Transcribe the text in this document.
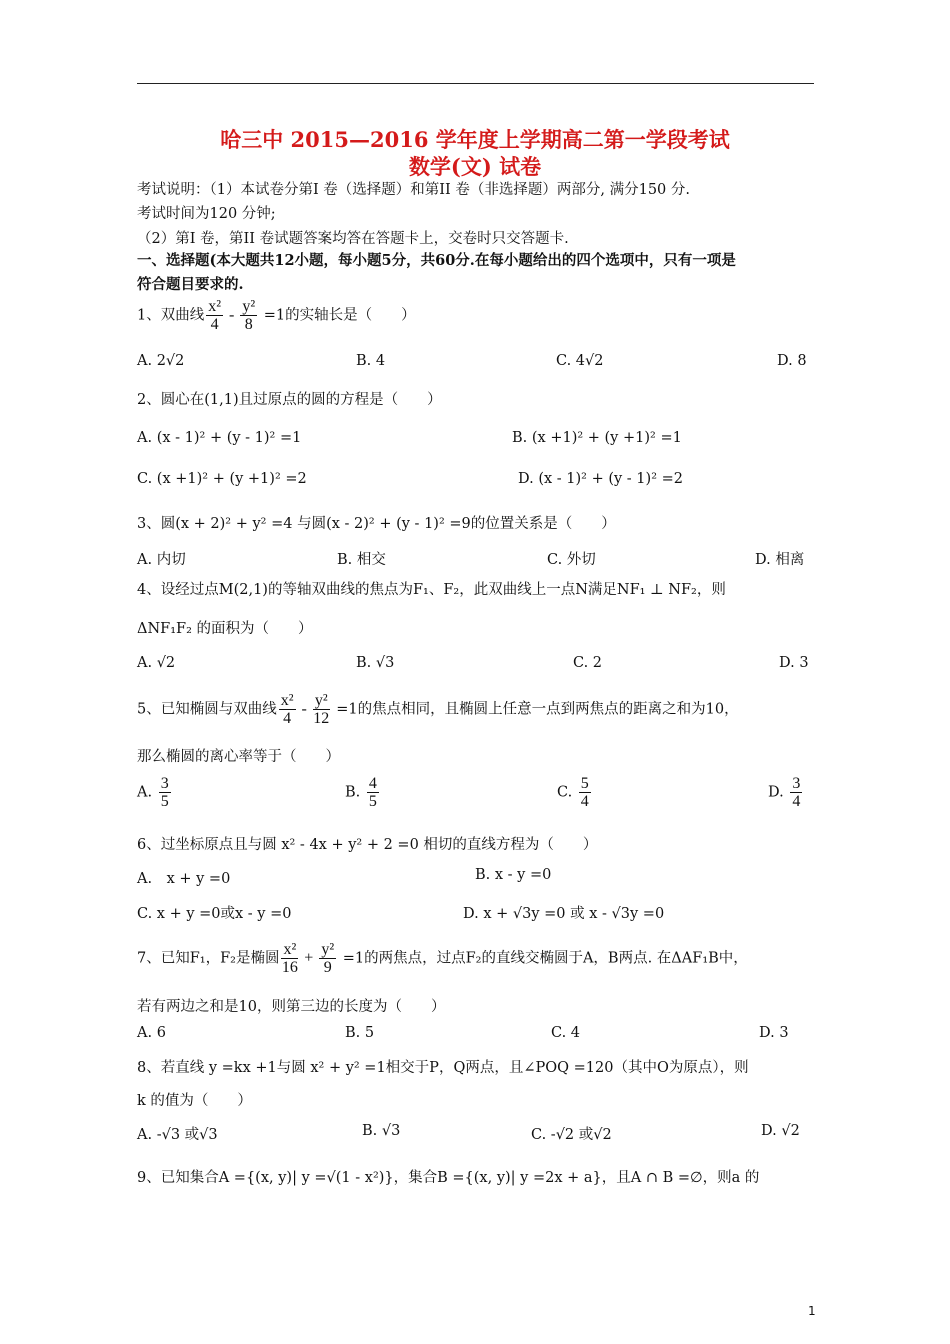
哈三中 2015—2016 学年度上学期高二第一学段考试
数学(文) 试卷
考试说明：（1）本试卷分第I 卷（选择题）和第II 卷（非选择题）两部分, 满分150 分.
考试时间为120 分钟;
（2）第I 卷，第II 卷试题答案均答在答题卡上，交卷时只交答题卡.
一、选择题(本大题共12小题，每小题5分，共60分.在每小题给出的四个选项中，只有一项是
符合题目要求的.
1、双曲线 $\frac{\text{x²}}{4} - \frac{\text{y²}}{8} =1$的实轴长是（　　）
A. 2√2	B. 4	C. 4√2	D. 8
2、圆心在(1,1)且过原点的圆的方程是（　　）
A. (x - 1)² + (y - 1)² =1	B. (x +1)² + (y +1)² =1
C. (x +1)² + (y +1)² =2	D. (x - 1)² + (y - 1)² =2
3、圆(x + 2)² + y² =4 与圆(x - 2)² + (y - 1)² =9的位置关系是（　　）
A. 内切	B. 相交	C. 外切	D. 相离
4、设经过点M(2,1)的等轴双曲线的焦点为F₁、F₂，此双曲线上一点N满足NF₁ ⊥ NF₂，则
ΔNF₁F₂ 的面积为（　　）
A. √2	B. √3	C. 2	D. 3
5、已知椭圆与双曲线 $\frac{\text{x²}}{4} - \frac{\text{y²}}{12} =1$的焦点相同，且椭圆上任意一点到两焦点的距离之和为10，
那么椭圆的离心率等于（　　）
A. $\frac{3}{5}$	B. $\frac{4}{5}$	C. $\frac{5}{4}$	D. $\frac{3}{4}$
6、过坐标原点且与圆 x² - 4x + y² + 2 =0 相切的直线方程为（　　）
A.　x + y =0	B. x - y =0
C. x + y =0或x - y =0	D. x + √3y =0 或 x - √3y =0
7、已知F₁，F₂是椭圆 $\frac{\text{x²}}{16} + \frac{\text{y²}}{9} =1$的两焦点，过点F₂的直线交椭圆于A，B两点. 在ΔAF₁B中，
若有两边之和是10，则第三边的长度为（　　）
A. 6	B. 5	C. 4	D. 3
8、若直线 y =kx +1与圆 x² + y² =1相交于P，Q两点，且∠POQ =120（其中O为原点），则
k 的值为（　　）
A. -√3 或√3	B. √3	C. -√2 或√2	D. √2
9、已知集合A ={(x, y)| y =√(1 - x²)}，集合B ={(x, y)| y =2x + a}，且A ∩ B =∅，则a 的
1
